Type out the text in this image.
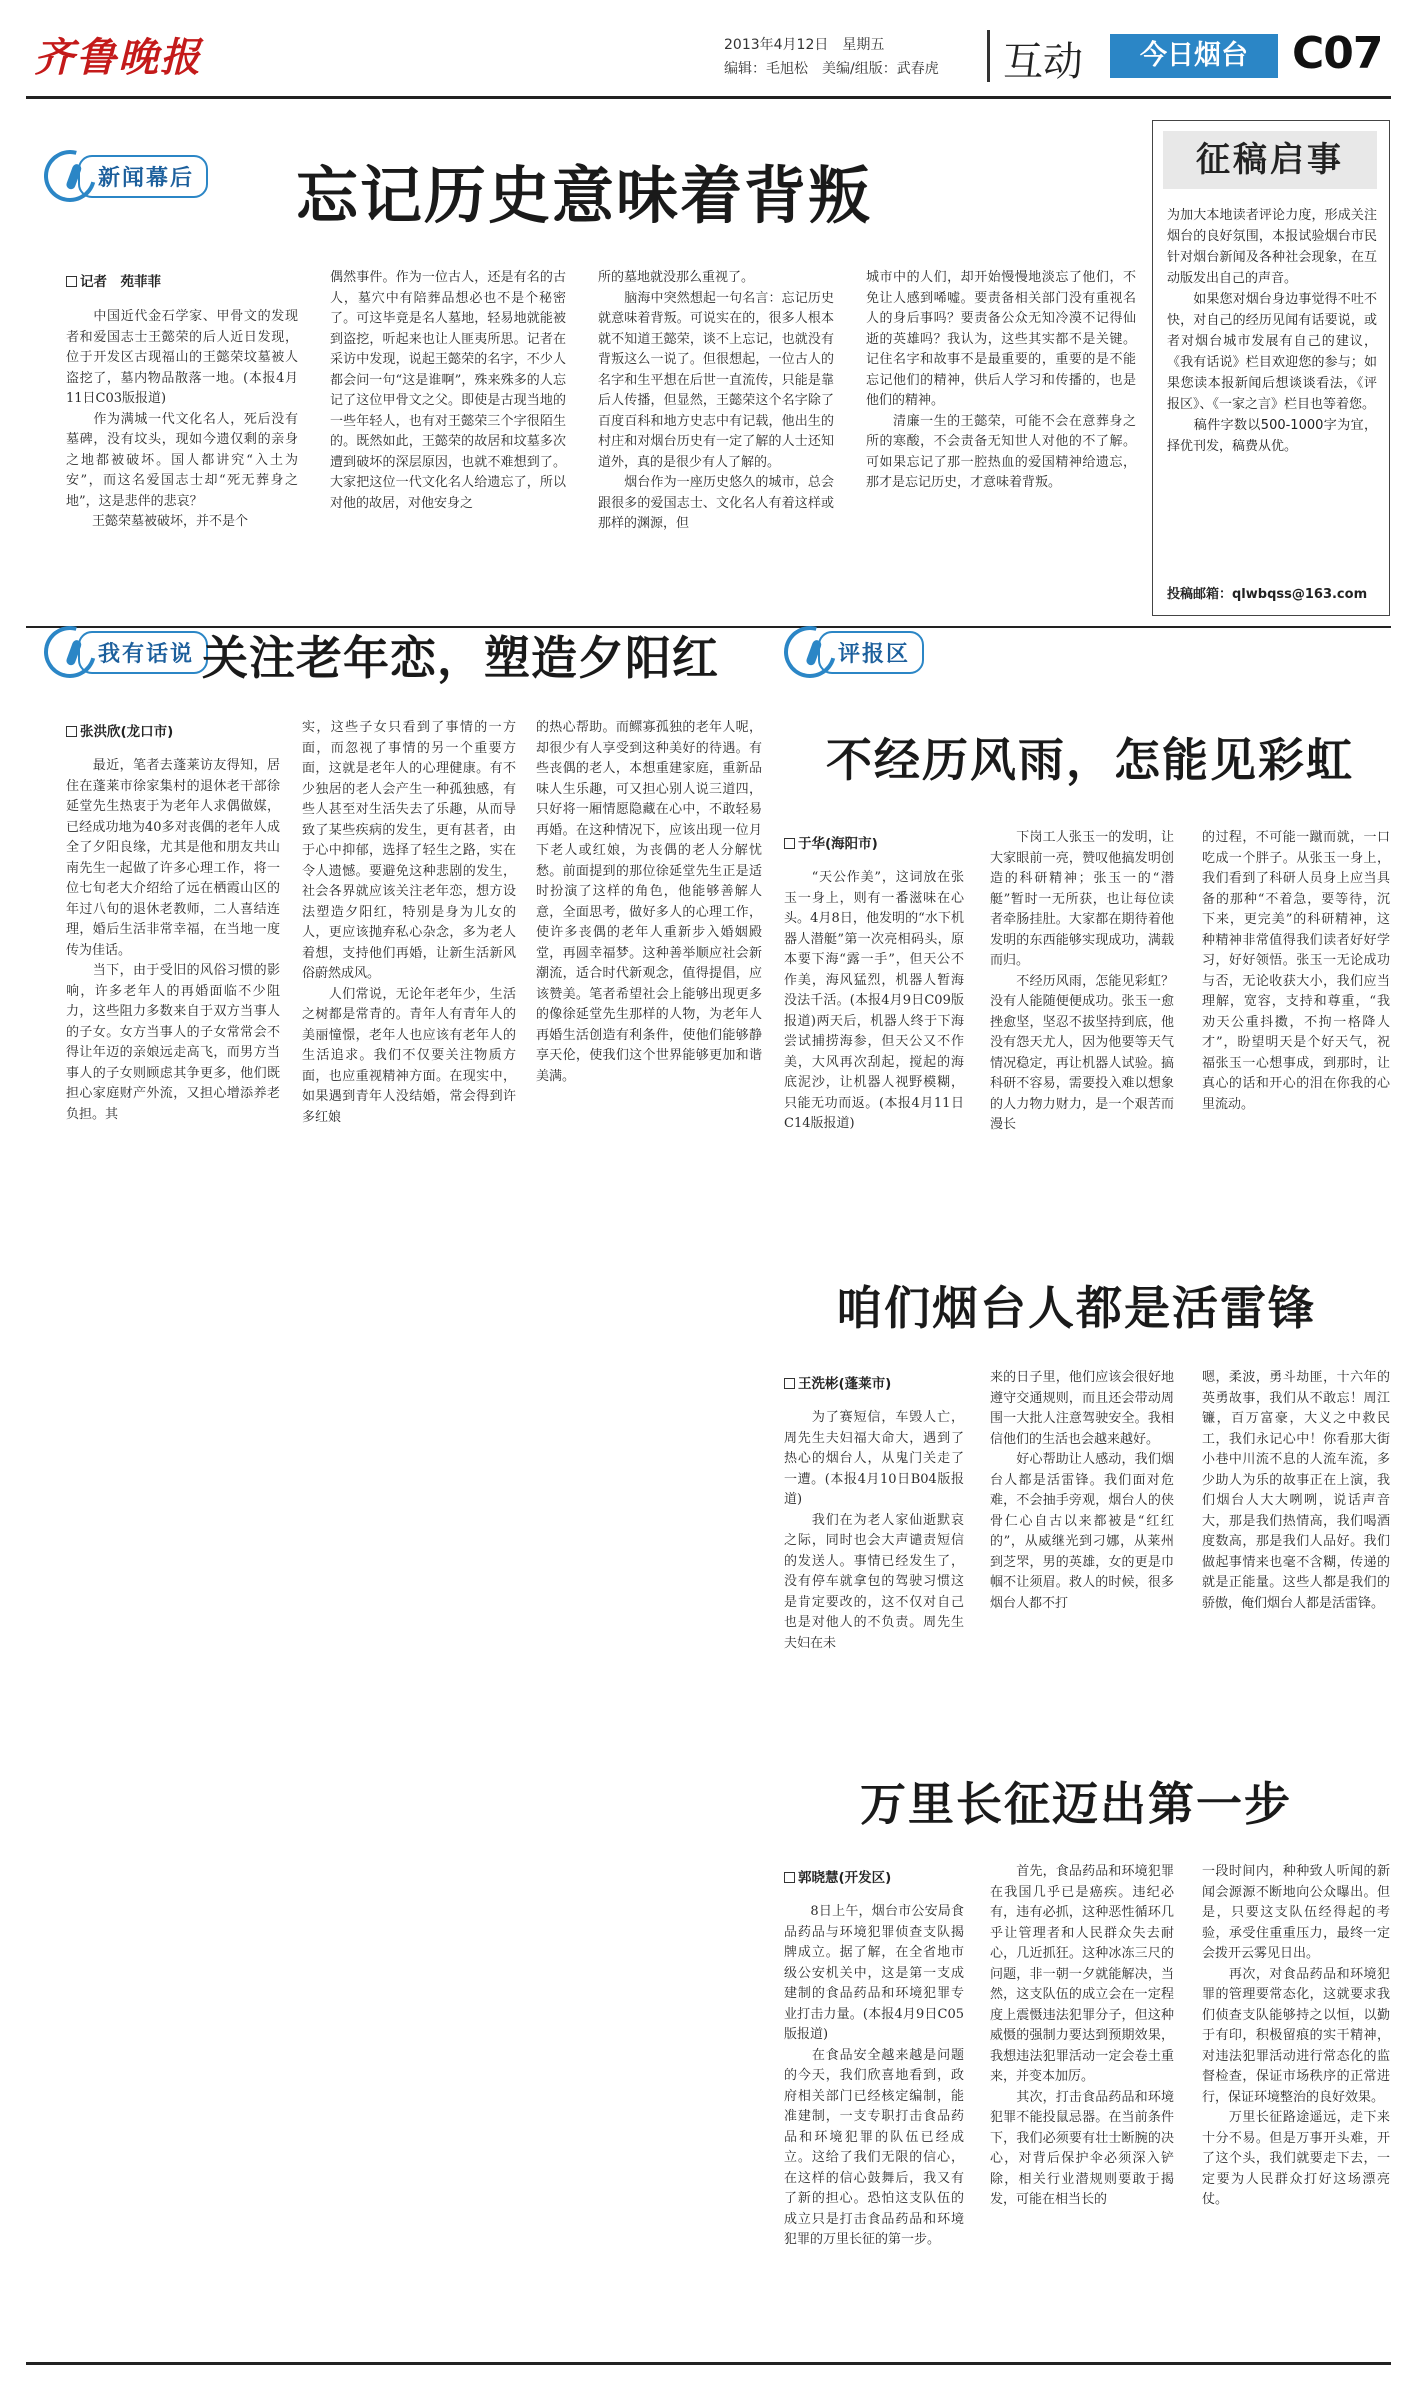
齐鲁晚报	2013年4月12日　星期五
编辑：毛旭松　美编/组版：武春虎 互动	今日烟台	C07
征稿启事
为加大本地读者评论力度，形成关注烟台的良好氛围，本报试验烟台市民针对烟台新闻及各种社会现象，在互动版发出自己的声音。
　　如果您对烟台身边事觉得不吐不快，对自己的经历见闻有话要说，或者对烟台城市发展有自己的建议，《我有话说》栏目欢迎您的参与；如果您读本报新闻后想谈谈看法，《评报区》、《一家之言》栏目也等着您。
　　稿件字数以500-1000字为宜，择优刊发，稿费从优。
投稿邮箱：qlwbqss@163.com
新闻幕后 忘记历史意味着背叛
记者　苑菲菲
　　中国近代金石学家、甲骨文的发现者和爱国志士王懿荣的后人近日发现，位于开发区古现福山的王懿荣坟墓被人盗挖了，墓内物品散落一地。(本报4月11日C03版报道)
　　作为满城一代文化名人，死后没有墓碑，没有坟头，现如今遗仅剩的亲身之地都被破坏。国人都讲究“入土为安”，而这名爱国志士却“死无葬身之地”，这是悲伴的悲哀？
　　王懿荣墓被破坏，并不是个
偶然事件。作为一位古人，还是有名的古人，墓穴中有陪葬品想必也不是个秘密了。可这毕竟是名人墓地，轻易地就能被到盗挖，听起来也让人匪夷所思。记者在采访中发现，说起王懿荣的名字，不少人都会问一句“这是谁啊”，殊来殊多的人忘记了这位甲骨文之父。即使是古现当地的一些年轻人，也有对王懿荣三个字很陌生的。既然如此，王懿荣的故居和坟墓多次遭到破坏的深层原因，也就不难想到了。大家把这位一代文化名人给遗忘了，所以对他的故居，对他安身之
所的墓地就没那么重视了。
　　脑海中突然想起一句名言：忘记历史就意味着背叛。可说实在的，很多人根本就不知道王懿荣，谈不上忘记，也就没有背叛这么一说了。但很想起，一位古人的名字和生平想在后世一直流传，只能是靠后人传播，但显然，王懿荣这个名字除了百度百科和地方史志中有记载，他出生的村庄和对烟台历史有一定了解的人士还知道外，真的是很少有人了解的。
　　烟台作为一座历史悠久的城市，总会跟很多的爱国志士、文化名人有着这样或那样的渊源，但
城市中的人们，却开始慢慢地淡忘了他们，不免让人感到唏嘘。要责备相关部门没有重视名人的身后事吗？要责备公众无知冷漠不记得仙逝的英雄吗？我认为，这些其实都不是关键。记住名字和故事不是最重要的，重要的是不能忘记他们的精神，供后人学习和传播的，也是他们的精神。
　　清廉一生的王懿荣，可能不会在意葬身之所的寒酸，不会责备无知世人对他的不了解。可如果忘记了那一腔热血的爱国精神给遗忘，那才是忘记历史，才意味着背叛。
我有话说 关注老年恋，塑造夕阳红
张洪欣(龙口市)
　　最近，笔者去蓬莱访友得知，居住在蓬莱市徐家集村的退休老干部徐延堂先生热衷于为老年人求偶做媒，已经成功地为40多对丧偶的老年人成全了夕阳良缘，尤其是他和朋友共山南先生一起做了许多心理工作，将一位七旬老大介绍给了远在栖霞山区的年过八旬的退休老教师，二人喜结连理，婚后生活非常幸福，在当地一度传为佳话。
　　当下，由于受旧的风俗习惯的影响，许多老年人的再婚面临不少阻力，这些阻力多数来自于双方当事人的子女。女方当事人的子女常常会不得让年迈的亲娘远走高飞，而男方当事人的子女则顾虑其争更多，他们既担心家庭财产外流，又担心增添养老负担。其
实，这些子女只看到了事情的一方面，而忽视了事情的另一个重要方面，这就是老年人的心理健康。有不少独居的老人会产生一种孤独感，有些人甚至对生活失去了乐趣，从而导致了某些疾病的发生，更有甚者，由于心中抑郁，选择了轻生之路，实在令人遗憾。要避免这种悲剧的发生，社会各界就应该关注老年恋，想方设法塑造夕阳红，特别是身为儿女的人，更应该抛弃私心杂念，多为老人着想，支持他们再婚，让新生活新风俗蔚然成风。
　　人们常说，无论年老年少，生活之树都是常青的。青年人有青年人的美丽憧憬，老年人也应该有老年人的生活追求。我们不仅要关注物质方面，也应重视精神方面。在现实中，如果遇到青年人没结婚，常会得到许多红娘
评报区
不经历风雨，怎能见彩虹
于华(海阳市)
　　“天公作美”，这词放在张玉一身上，则有一番滋味在心头。4月8日，他发明的“水下机器人潜艇”第一次亮相码头，原本要下海“露一手”，但天公不作美，海风猛烈，机器人暂海没法千活。(本报4月9日C09版报道)两天后，机器人终于下海尝试捕捞海参，但天公又不作美，大风再次刮起，搅起的海底泥沙，让机器人视野模糊，只能无功而返。(本报4月11日C14版报道)
　　下岗工人张玉一的发明，让大家眼前一亮，赞叹他搞发明创造的科研精神；张玉一的“潜艇”暂时一无所获，也让每位读者牵肠挂肚。大家都在期待着他发明的东西能够实现成功，满载而归。
　　不经历风雨，怎能见彩虹？没有人能随便便成功。张玉一愈挫愈坚，坚忍不拔坚持到底，他没有怨天尤人，因为他要等天气情况稳定，再让机器人试验。搞科研不容易，需要投入难以想象的人力物力财力，是一个艰苦而漫长
的过程，不可能一蹴而就，一口吃成一个胖子。从张玉一身上，我们看到了科研人员身上应当具备的那种“不着急，要等待，沉下来，更完美”的科研精神，这种精神非常值得我们读者好好学习，好好领悟。张玉一无论成功与否，无论收获大小，我们应当理解，宽容，支持和尊重，“我劝天公重抖擞，不拘一格降人才”，盼望明天是个好天气，祝福张玉一心想事成，到那时，让真心的话和开心的泪在你我的心里流动。
咱们烟台人都是活雷锋
王洗彬(蓬莱市)
　　为了赛短信，车毁人亡，周先生夫妇福大命大，遇到了热心的烟台人，从鬼门关走了一遭。(本报4月10日B04版报道)
　　我们在为老人家仙逝默哀之际，同时也会大声谴责短信的发送人。事情已经发生了，没有停车就拿包的驾驶习惯这是肯定要改的，这不仅对自己也是对他人的不负责。周先生夫妇在未
来的日子里，他们应该会很好地遵守交通规则，而且还会带动周围一大批人注意驾驶安全。我相信他们的生活也会越来越好。
　　好心帮助让人感动，我们烟台人都是活雷锋。我们面对危难，不会抽手旁观，烟台人的侠骨仁心自古以来都被是“红红的”，从威继光到刁娜，从莱州到芝罘，男的英雄，女的更是巾帼不让须眉。救人的时候，很多烟台人都不打
嗯，柔波，勇斗劫匪，十六年的英勇故事，我们从不敢忘！周江镰，百万富豪，大义之中救民工，我们永记心中！你看那大街小巷中川流不息的人流车流，多少助人为乐的故事正在上演，我们烟台人大大咧咧，说话声音大，那是我们热情高，我们喝酒度数高，那是我们人品好。我们做起事情来也毫不含糊，传递的就是正能量。这些人都是我们的骄傲，俺们烟台人都是活雷锋。
万里长征迈出第一步
郭晓慧(开发区)
　　8日上午，烟台市公安局食品药品与环境犯罪侦查支队揭牌成立。据了解，在全省地市级公安机关中，这是第一支成建制的食品药品和环境犯罪专业打击力量。(本报4月9日C05版报道)
　　在食品安全越来越是问题的今天，我们欣喜地看到，政府相关部门已经核定编制，能准建制，一支专职打击食品药品和环境犯罪的队伍已经成立。这给了我们无限的信心，在这样的信心鼓舞后，我又有了新的担心。恐怕这支队伍的成立只是打击食品药品和环境犯罪的万里长征的第一步。
　　首先，食品药品和环境犯罪在我国几乎已是癌疾。违纪必有，违有必抓，这种恶性循环几乎让管理者和人民群众失去耐心，几近抓狂。这种冰冻三尺的问题，非一朝一夕就能解决，当然，这支队伍的成立会在一定程度上震慑违法犯罪分子，但这种威慑的强制力要达到预期效果，我想违法犯罪活动一定会卷土重来，并变本加厉。
　　其次，打击食品药品和环境犯罪不能投鼠忌器。在当前条件下，我们必须要有壮士断腕的决心，对背后保护伞必须深入铲除，相关行业潜规则要敢于揭发，可能在相当长的
一段时间内，种种致人听闻的新闻会源源不断地向公众曝出。但是，只要这支队伍经得起的考验，承受住重重压力，最终一定会拨开云雾见日出。
　　再次，对食品药品和环境犯罪的管理要常态化，这就要求我们侦查支队能够持之以恒，以勤于有印，积极留痕的实干精神，对违法犯罪活动进行常态化的监督检查，保证市场秩序的正常进行，保证环境整治的良好效果。
　　万里长征路途遥远，走下来十分不易。但是万事开头难，开了这个头，我们就要走下去，一定要为人民群众打好这场漂亮仗。
的热心帮助。而鳏寡孤独的老年人呢，却很少有人享受到这种美好的待遇。有些丧偶的老人，本想重建家庭，重新品味人生乐趣，可又担心别人说三道四，只好将一厢情愿隐藏在心中，不敢轻易再婚。在这种情况下，应该出现一位月下老人或红娘，为丧偶的老人分解忧愁。前面提到的那位徐延堂先生正是适时扮演了这样的角色，他能够善解人意，全面思考，做好多人的心理工作，使许多丧偶的老年人重新步入婚姻殿堂，再圆幸福梦。这种善举顺应社会新潮流，适合时代新观念，值得提倡，应该赞美。笔者希望社会上能够出现更多的像徐延堂先生那样的人物，为老年人再婚生活创造有利条件，使他们能够静享天伦，使我们这个世界能够更加和谐美满。
